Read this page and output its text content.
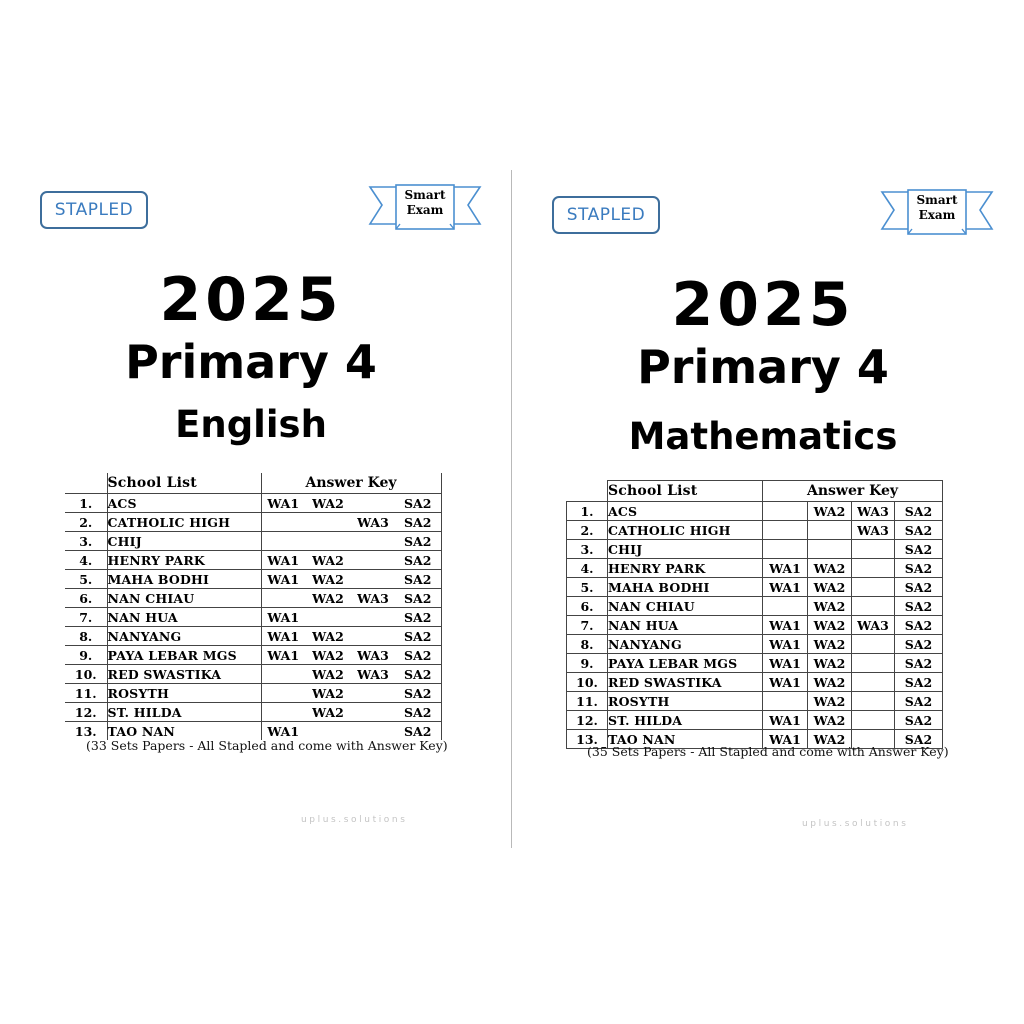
STAPLED
Smart
Exam
2025
Primary 4
English
	School List	Answer Key			
1.	ACS	WA1	WA2		SA2
2.	CATHOLIC HIGH			WA3	SA2
3.	CHIJ				SA2
4.	HENRY PARK	WA1	WA2		SA2
5.	MAHA BODHI	WA1	WA2		SA2
6.	NAN CHIAU		WA2	WA3	SA2
7.	NAN HUA	WA1			SA2
8.	NANYANG	WA1	WA2		SA2
9.	PAYA LEBAR MGS	WA1	WA2	WA3	SA2
10.	RED SWASTIKA		WA2	WA3	SA2
11.	ROSYTH		WA2		SA2
12.	ST. HILDA		WA2		SA2
13.	TAO NAN	WA1			SA2
(33 Sets Papers - All Stapled and come with Answer Key)
uplus.solutions
STAPLED
Smart
Exam
2025
Primary 4
Mathematics
	School List	Answer Key			
1.	ACS		WA2	WA3	SA2
2.	CATHOLIC HIGH			WA3	SA2
3.	CHIJ				SA2
4.	HENRY PARK	WA1	WA2		SA2
5.	MAHA BODHI	WA1	WA2		SA2
6.	NAN CHIAU		WA2		SA2
7.	NAN HUA	WA1	WA2	WA3	SA2
8.	NANYANG	WA1	WA2		SA2
9.	PAYA LEBAR MGS	WA1	WA2		SA2
10.	RED SWASTIKA	WA1	WA2		SA2
11.	ROSYTH		WA2		SA2
12.	ST. HILDA	WA1	WA2		SA2
13.	TAO NAN	WA1	WA2		SA2
(35 Sets Papers - All Stapled and come with Answer Key)
uplus.solutions
